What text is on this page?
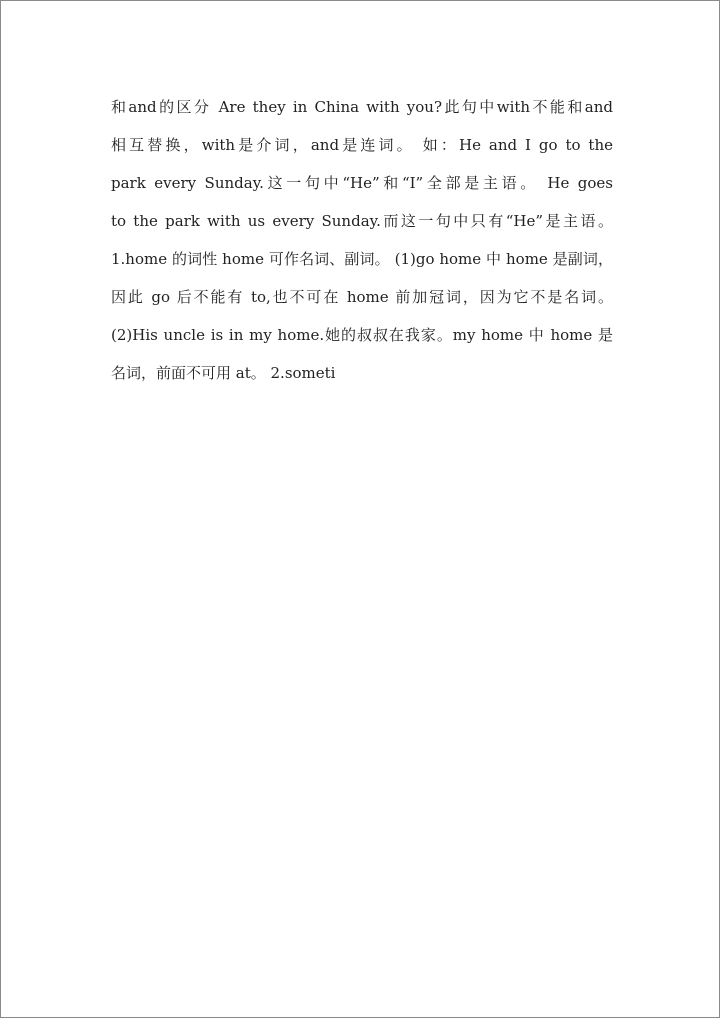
和and的区分 Are they in China with you?此句中with不能和and
相互替换，with是介词，and是连词。 如：He and I go to the
park every Sunday.这一句中“He”和“I”全部是主语。 He goes
to the park with us every Sunday.而这一句中只有“He”是主语。
1.home 的词性 home 可作名词、副词。 (1)go home 中 home 是副词，
因此 go 后不能有 to,也不可在 home 前加冠词，因为它不是名词。
(2)His uncle is in my home.她的叔叔在我家。my home 中 home 是
名词，前面不可用 at。 2.someti
